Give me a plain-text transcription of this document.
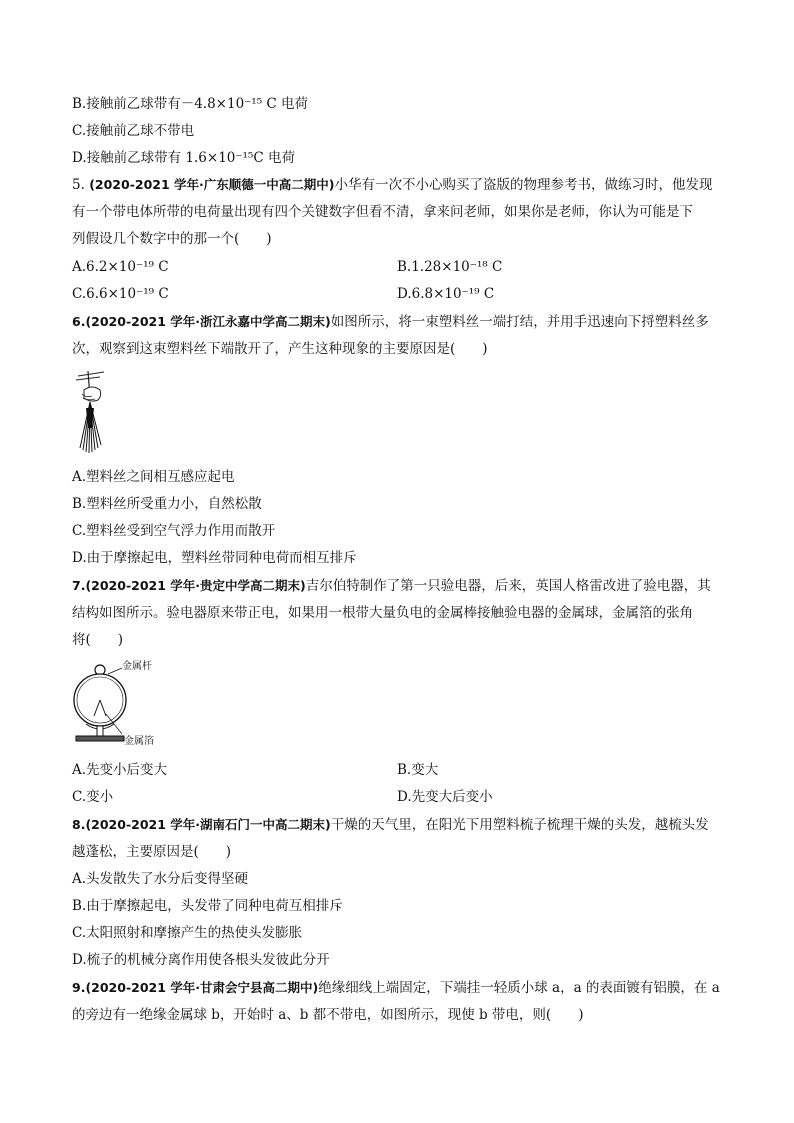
B.接触前乙球带有－4.8×10⁻¹⁵ C 电荷
C.接触前乙球不带电
D.接触前乙球带有 1.6×10⁻¹⁵C 电荷
5. (2020-2021 学年·广东顺德一中高二期中)小华有一次不小心购买了盗版的物理参考书，做练习时，他发现
有一个带电体所带的电荷量出现有四个关键数字但看不清，拿来问老师，如果你是老师，你认为可能是下
列假设几个数字中的那一个(　　)
A.6.2×10⁻¹⁹ C	B.1.28×10⁻¹⁸ C
C.6.6×10⁻¹⁹ C	D.6.8×10⁻¹⁹ C
6.(2020-2021 学年·浙江永嘉中学高二期末)如图所示，将一束塑料丝一端打结，并用手迅速向下捋塑料丝多
次，观察到这束塑料丝下端散开了，产生这种现象的主要原因是(　　)
A.塑料丝之间相互感应起电
B.塑料丝所受重力小，自然松散
C.塑料丝受到空气浮力作用而散开
D.由于摩擦起电，塑料丝带同种电荷而相互排斥
7.(2020-2021 学年·贵定中学高二期末)吉尔伯特制作了第一只验电器，后来，英国人格雷改进了验电器，其
结构如图所示。验电器原来带正电，如果用一根带大量负电的金属棒接触验电器的金属球，金属箔的张角
将(　　)
金属杆
金属箔
A.先变小后变大	B.变大
C.变小	D.先变大后变小
8.(2020-2021 学年·湖南石门一中高二期末)干燥的天气里，在阳光下用塑料梳子梳理干燥的头发，越梳头发
越蓬松，主要原因是(　　)
A.头发散失了水分后变得坚硬
B.由于摩擦起电，头发带了同种电荷互相排斥
C.太阳照射和摩擦产生的热使头发膨胀
D.梳子的机械分离作用使各根头发彼此分开
9.(2020-2021 学年·甘肃会宁县高二期中)绝缘细线上端固定，下端挂一轻质小球 a，a 的表面镀有铝膜，在 a
的旁边有一绝缘金属球 b，开始时 a、b 都不带电，如图所示，现使 b 带电，则(　　)
